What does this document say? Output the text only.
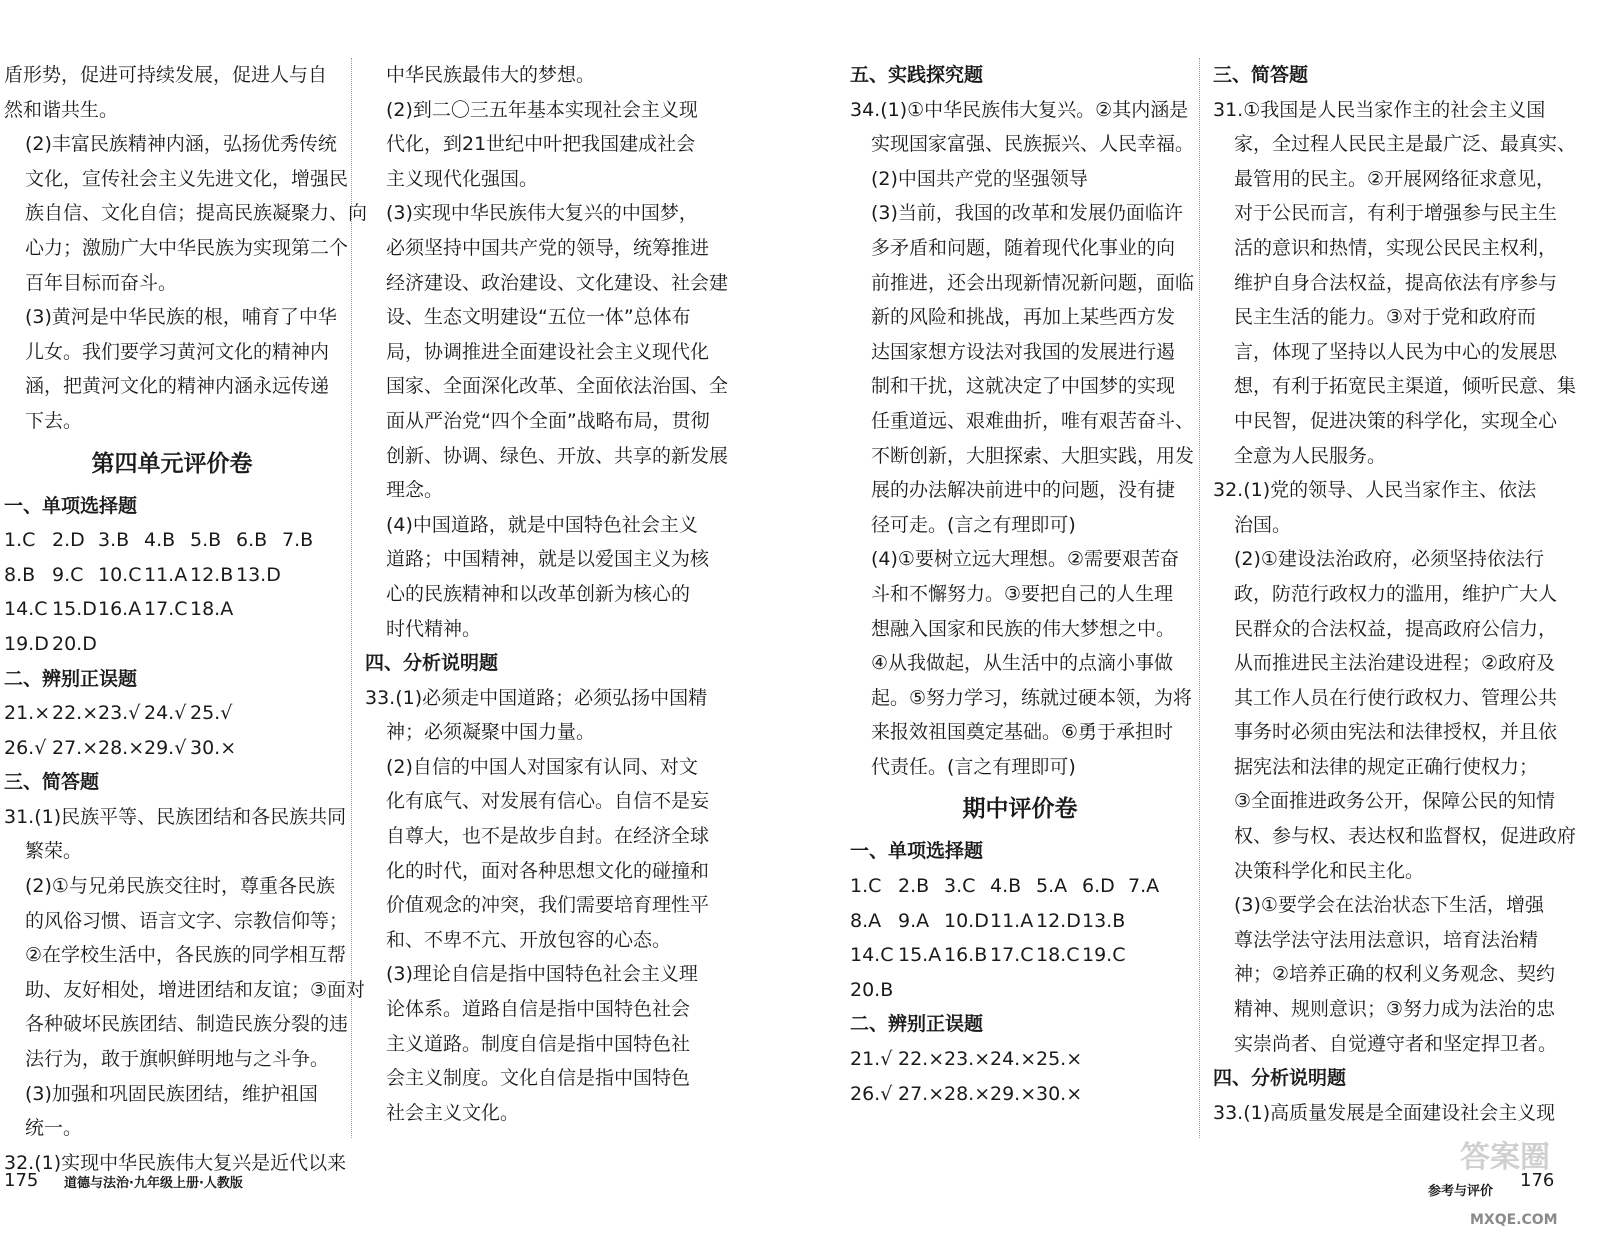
盾形势，促进可持续发展，促进人与自

然和谐共生。

(2)丰富民族精神内涵，弘扬优秀传统

文化，宣传社会主义先进文化，增强民

族自信、文化自信；提高民族凝聚力、向

心力；激励广大中华民族为实现第二个

百年目标而奋斗。

(3)黄河是中华民族的根，哺育了中华

儿女。我们要学习黄河文化的精神内

涵，把黄河文化的精神内涵永远传递

下去。

第四单元评价卷
一、单项选择题
1.C 2.D 3.B 4.B 5.B 6.B 7.B
8.B 9.C 10.C 11.A 12.B 13.D
14.C 15.D16.A 17.C 18.A
19.D 20.D
二、辨别正误题
21.×22.×23.√ 24.√ 25.√
26.√ 27.×28.×29.√ 30.×
三、简答题

31.(1)民族平等、民族团结和各民族共同

繁荣。

(2)①与兄弟民族交往时，尊重各民族

的风俗习惯、语言文字、宗教信仰等；

②在学校生活中，各民族的同学相互帮

助、友好相处，增进团结和友谊；③面对

各种破坏民族团结、制造民族分裂的违

法行为，敢于旗帜鲜明地与之斗争。

(3)加强和巩固民族团结，维护祖国

统一。

32.(1)实现中华民族伟大复兴是近代以来

中华民族最伟大的梦想。

(2)到二〇三五年基本实现社会主义现

代化，到21世纪中叶把我国建成社会

主义现代化强国。

(3)实现中华民族伟大复兴的中国梦，

必须坚持中国共产党的领导，统筹推进

经济建设、政治建设、文化建设、社会建

设、生态文明建设“五位一体”总体布

局，协调推进全面建设社会主义现代化

国家、全面深化改革、全面依法治国、全

面从严治党“四个全面”战略布局，贯彻

创新、协调、绿色、开放、共享的新发展

理念。

(4)中国道路，就是中国特色社会主义

道路；中国精神，就是以爱国主义为核

心的民族精神和以改革创新为核心的

时代精神。

四、分析说明题

33.(1)必须走中国道路；必须弘扬中国精

神；必须凝聚中国力量。

(2)自信的中国人对国家有认同、对文

化有底气、对发展有信心。自信不是妄

自尊大，也不是故步自封。在经济全球

化的时代，面对各种思想文化的碰撞和

价值观念的冲突，我们需要培育理性平

和、不卑不亢、开放包容的心态。

(3)理论自信是指中国特色社会主义理

论体系。道路自信是指中国特色社会

主义道路。制度自信是指中国特色社

会主义制度。文化自信是指中国特色

社会主义文化。

五、实践探究题

34.(1)①中华民族伟大复兴。②其内涵是

实现国家富强、民族振兴、人民幸福。

(2)中国共产党的坚强领导

(3)当前，我国的改革和发展仍面临许

多矛盾和问题，随着现代化事业的向

前推进，还会出现新情况新问题，面临

新的风险和挑战，再加上某些西方发

达国家想方设法对我国的发展进行遏

制和干扰，这就决定了中国梦的实现

任重道远、艰难曲折，唯有艰苦奋斗、

不断创新，大胆探索、大胆实践，用发

展的办法解决前进中的问题，没有捷

径可走。(言之有理即可)

(4)①要树立远大理想。②需要艰苦奋

斗和不懈努力。③要把自己的人生理

想融入国家和民族的伟大梦想之中。

④从我做起，从生活中的点滴小事做

起。⑤努力学习，练就过硬本领，为将

来报效祖国奠定基础。⑥勇于承担时

代责任。(言之有理即可)

期中评价卷
一、单项选择题
1.C 2.B 3.C 4.B 5.A 6.D 7.A
8.A 9.A 10.D11.A 12.D13.B
14.C 15.A 16.B 17.C 18.C 19.C
20.B
二、辨别正误题
21.√ 22.×23.×24.×25.×
26.√ 27.×28.×29.×30.×
三、简答题

31.①我国是人民当家作主的社会主义国

家，全过程人民民主是最广泛、最真实、

最管用的民主。②开展网络征求意见，

对于公民而言，有利于增强参与民主生

活的意识和热情，实现公民民主权利，

维护自身合法权益，提高依法有序参与

民主生活的能力。③对于党和政府而

言，体现了坚持以人民为中心的发展思

想，有利于拓宽民主渠道，倾听民意、集

中民智，促进决策的科学化，实现全心

全意为人民服务。

32.(1)党的领导、人民当家作主、依法

治国。

(2)①建设法治政府，必须坚持依法行

政，防范行政权力的滥用，维护广大人

民群众的合法权益，提高政府公信力，

从而推进民主法治建设进程；②政府及

其工作人员在行使行政权力、管理公共

事务时必须由宪法和法律授权，并且依

据宪法和法律的规定正确行使权力；

③全面推进政务公开，保障公民的知情

权、参与权、表达权和监督权，促进政府

决策科学化和民主化。

(3)①要学会在法治状态下生活，增强

尊法学法守法用法意识，培育法治精

神；②培养正确的权利义务观念、契约

精神、规则意识；③努力成为法治的忠

实崇尚者、自觉遵守者和坚定捍卫者。

四、分析说明题

33.(1)高质量发展是全面建设社会主义现

175 道德与法治·九年级上册·人教版
参考与评价
176
答案圈
MXQE.COM
